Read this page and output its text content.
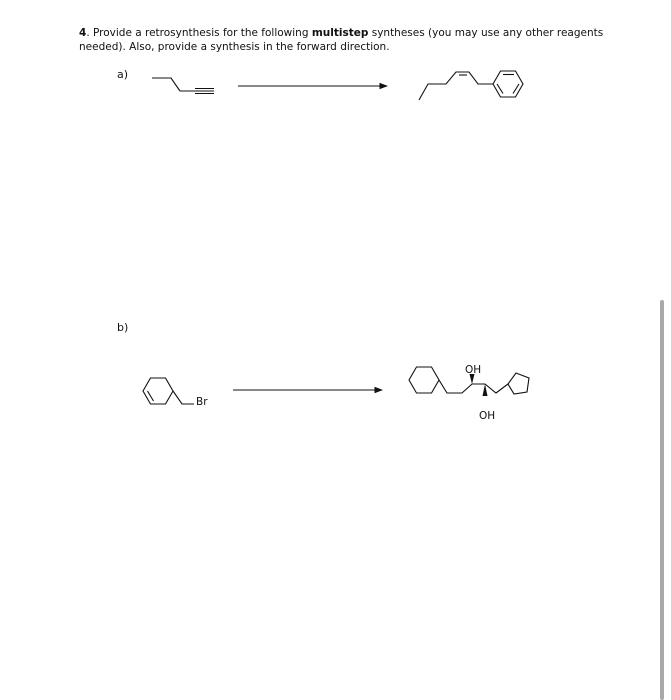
4. Provide a retrosynthesis for the following multistep syntheses (you may use any other reagents needed). Also, provide a synthesis in the forward direction.

a)
b)
Br
OH
OH
